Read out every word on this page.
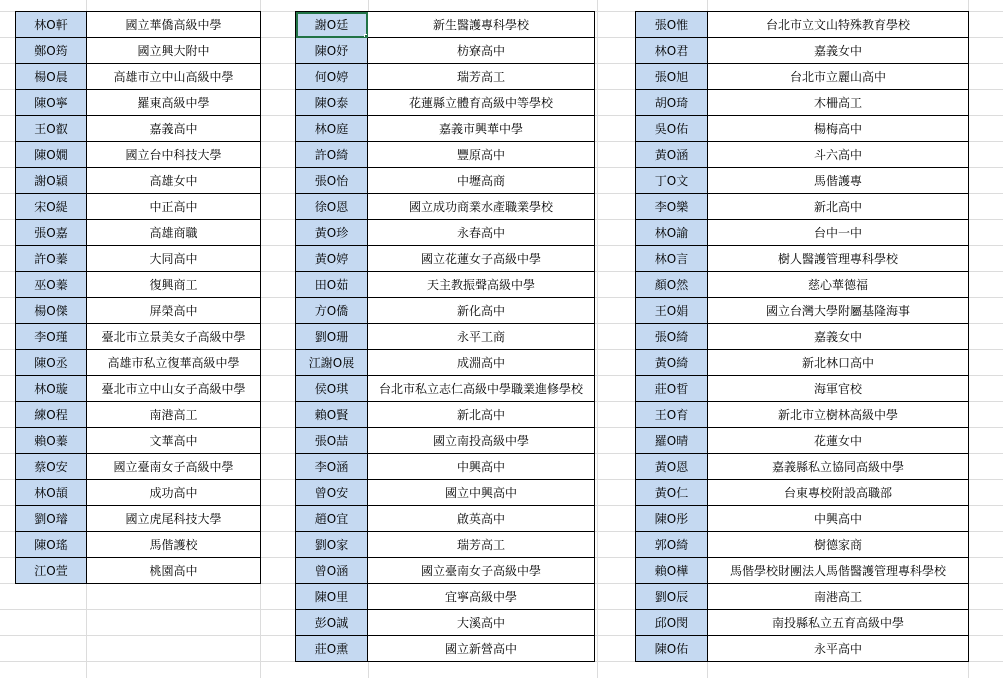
林O軒	國立華僑高級中學
鄭O筠	國立興大附中
楊O晨	高雄市立中山高級中學
陳O寧	羅東高級中學
王O叡	嘉義高中
陳O嫺	國立台中科技大學
謝O穎	高雄女中
宋O緹	中正高中
張O嘉	高雄商職
許O蓁	大同高中
巫O蓁	復興商工
楊O傑	屏榮高中
李O瑾	臺北市立景美女子高級中學
陳O丞	高雄市私立復華高級中學
林O璇	臺北市立中山女子高級中學
練O程	南港高工
賴O蓁	文華高中
蔡O安	國立臺南女子高級中學
林O頡	成功高中
劉O璿	國立虎尾科技大學
陳O瑤	馬偕護校
江O萱	桃園高中
謝O廷	新生醫護專科學校
陳O妤	枋寮高中
何O婷	瑞芳高工
陳O泰	花蓮縣立體育高級中等學校
林O庭	嘉義市興華中學
許O綺	豐原高中
張O怡	中壢高商
徐O恩	國立成功商業水產職業學校
黃O珍	永春高中
黃O婷	國立花蓮女子高級中學
田O茹	天主教振聲高級中學
方O僑	新化高中
劉O珊	永平工商
江謝O展	成淵高中
侯O琪	台北市私立志仁高級中學職業進修學校
賴O賢	新北高中
張O喆	國立南投高級中學
李O涵	中興高中
曾O安	國立中興高中
趙O宜	啟英高中
劉O家	瑞芳高工
曾O涵	國立臺南女子高級中學
陳O里	宜寧高級中學
彭O誠	大溪高中
莊O熏	國立新營高中
張O惟	台北市立文山特殊教育學校
林O君	嘉義女中
張O旭	台北市立麗山高中
胡O琦	木柵高工
吳O佑	楊梅高中
黃O涵	斗六高中
丁O文	馬偕護專
李O樂	新北高中
林O諭	台中一中
林O言	樹人醫護管理專科學校
顏O然	慈心華德福
王O娟	國立台灣大學附屬基隆海事
張O綺	嘉義女中
黃O綺	新北林口高中
莊O晢	海軍官校
王O育	新北市立樹林高級中學
羅O晴	花蓮女中
黃O恩	嘉義縣私立協同高級中學
黃O仁	台東專校附設高職部
陳O彤	中興高中
郭O綺	樹德家商
賴O樺	馬偕學校財團法人馬偕醫護管理專科學校
劉O辰	南港高工
邱O閔	南投縣私立五育高級中學
陳O佑	永平高中
